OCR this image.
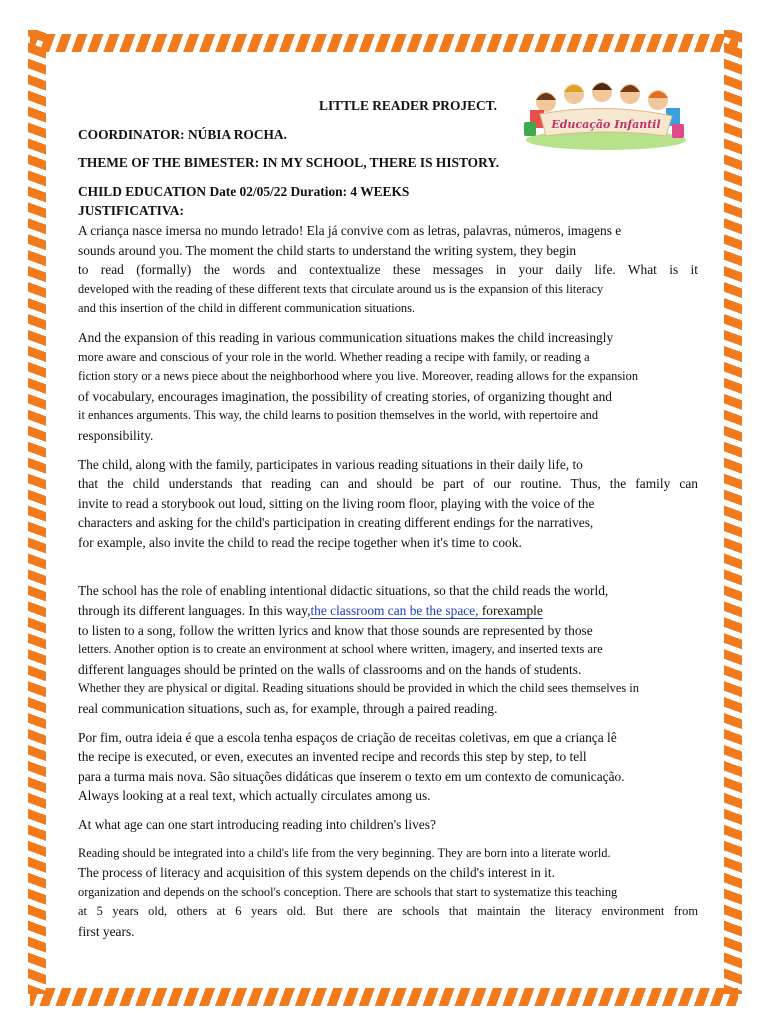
Educação Infantil
LITTLE READER PROJECT.
COORDINATOR: NÚBIA ROCHA.
THEME OF THE BIMESTER: IN MY SCHOOL, THERE IS HISTORY.
CHILD EDUCATION Date 02/05/22 Duration: 4 WEEKS
JUSTIFICATIVA:

A criança nasce imersa no mundo letrado! Ela já convive com as letras, palavras, números, imagens e
sounds around you. The moment the child starts to understand the writing system, they begin
to read (formally) the words and contextualize these messages in your daily life. What is it
developed with the reading of these different texts that circulate around us is the expansion of this literacy
and this insertion of the child in different communication situations.

And the expansion of this reading in various communication situations makes the child increasingly
more aware and conscious of your role in the world. Whether reading a recipe with family, or reading a
fiction story or a news piece about the neighborhood where you live. Moreover, reading allows for the expansion
of vocabulary, encourages imagination, the possibility of creating stories, of organizing thought and
it enhances arguments. This way, the child learns to position themselves in the world, with repertoire and
responsibility.

The child, along with the family, participates in various reading situations in their daily life, to
that the child understands that reading can and should be part of our routine. Thus, the family can
invite to read a storybook out loud, sitting on the living room floor, playing with the voice of the
characters and asking for the child's participation in creating different endings for the narratives,
for example, also invite the child to read the recipe together when it's time to cook.

The school has the role of enabling intentional didactic situations, so that the child reads the world,
through its different languages. In this way,the classroom can be the space, forexample
to listen to a song, follow the written lyrics and know that those sounds are represented by those
letters. Another option is to create an environment at school where written, imagery, and inserted texts are
different languages should be printed on the walls of classrooms and on the hands of students.
Whether they are physical or digital. Reading situations should be provided in which the child sees themselves in
real communication situations, such as, for example, through a paired reading.

Por fim, outra ideia é que a escola tenha espaços de criação de receitas coletivas, em que a criança lê
the recipe is executed, or even, executes an invented recipe and records this step by step, to tell
para a turma mais nova. São situações didáticas que inserem o texto em um contexto de comunicação.
Always looking at a real text, which actually circulates among us.

At what age can one start introducing reading into children's lives?

Reading should be integrated into a child's life from the very beginning. They are born into a literate world.
The process of literacy and acquisition of this system depends on the child's interest in it.
organization and depends on the school's conception. There are schools that start to systematize this teaching
at 5 years old, others at 6 years old. But there are schools that maintain the literacy environment from
first years.
